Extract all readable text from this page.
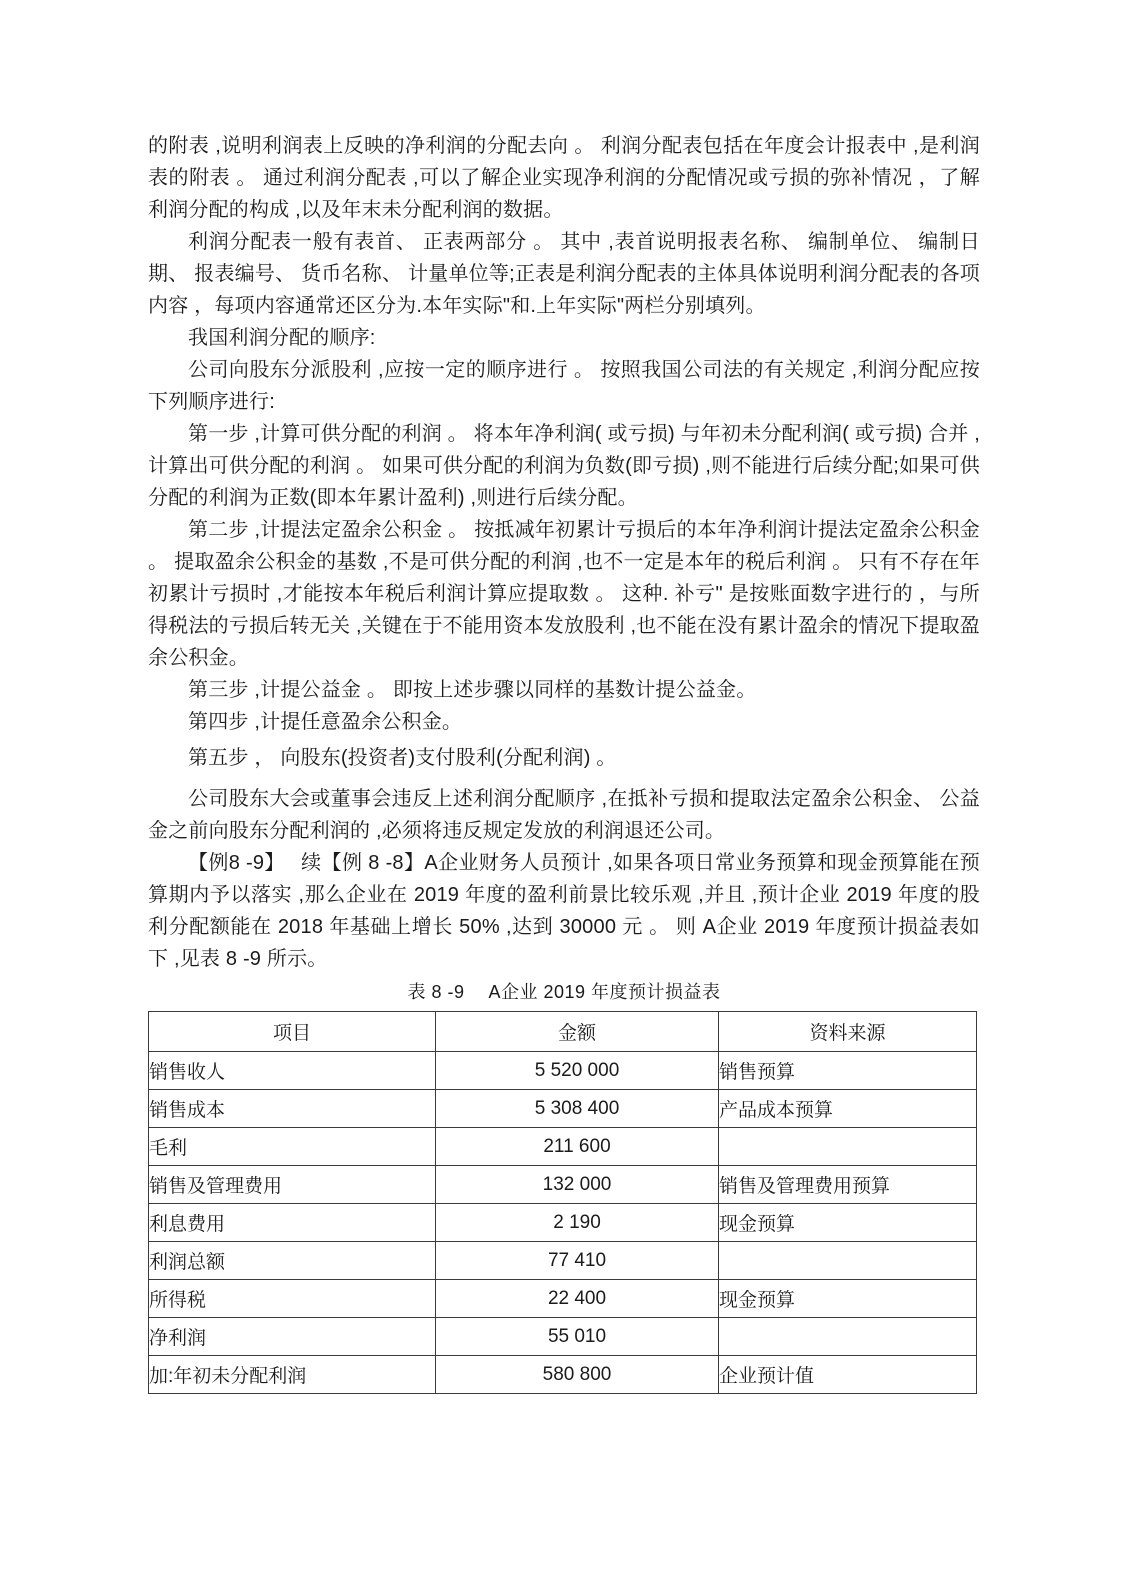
的附表 ,说明利润表上反映的净利润的分配去向 。 利润分配表包括在年度会计报表中 ,是利润表的附表 。 通过利润分配表 ,可以了解企业实现净利润的分配情况或亏损的弥补情况 ，了解利润分配的构成 ,以及年末未分配利润的数据。

利润分配表一般有表首、 正表两部分 。 其中 ,表首说明报表名称、 编制单位、 编制日期、 报表编号、 货币名称、 计量单位等;正表是利润分配表的主体具体说明利润分配表的各项内容 ，每项内容通常还区分为.本年实际"和.上年实际"两栏分别填列。

我国利润分配的顺序:

公司向股东分派股利 ,应按一定的顺序进行 。 按照我国公司法的有关规定 ,利润分配应按下列顺序进行:

第一步 ,计算可供分配的利润 。 将本年净利润( 或亏损) 与年初未分配利润( 或亏损) 合并 ,计算出可供分配的利润 。 如果可供分配的利润为负数(即亏损) ,则不能进行后续分配;如果可供分配的利润为正数(即本年累计盈利) ,则进行后续分配。

第二步 ,计提法定盈余公积金 。 按抵减年初累计亏损后的本年净利润计提法定盈余公积金 。 提取盈余公积金的基数 ,不是可供分配的利润 ,也不一定是本年的税后利润 。 只有不存在年初累计亏损时 ,才能按本年税后利润计算应提取数 。 这种. 补亏" 是按账面数字进行的 ，与所得税法的亏损后转无关 ,关键在于不能用资本发放股利 ,也不能在没有累计盈余的情况下提取盈余公积金。

第三步 ,计提公益金 。 即按上述步骤以同样的基数计提公益金。

第四步 ,计提任意盈余公积金。

第五步 ， 向股东(投资者)支付股利(分配利润) 。

公司股东大会或董事会违反上述利润分配顺序 ,在抵补亏损和提取法定盈余公积金、 公益金之前向股东分配利润的 ,必须将违反规定发放的利润退还公司。

【例8 -9】　 续【例 8 -8】A企业财务人员预计 ,如果各项日常业务预算和现金预算能在预算期内予以落实 ,那么企业在 2019 年度的盈利前景比较乐观 ,并且 ,预计企业 2019 年度的股利分配额能在 2018 年基础上增长 50% ,达到 30000 元 。 则 A企业 2019 年度预计损益表如下 ,见表 8 -9 所示。

表 8 -9　 A企业 2019 年度预计损益表
项目	金额	资料来源
销售收人	5 520 000	销售预算
销售成本	5 308 400	产品成本预算
毛利	211 600	
销售及管理费用	132 000	销售及管理费用预算
利息费用	2 190	现金预算
利润总额	77 410	
所得税	22 400	现金预算
净利润	55 010	
加:年初未分配利润	580 800	企业预计值
